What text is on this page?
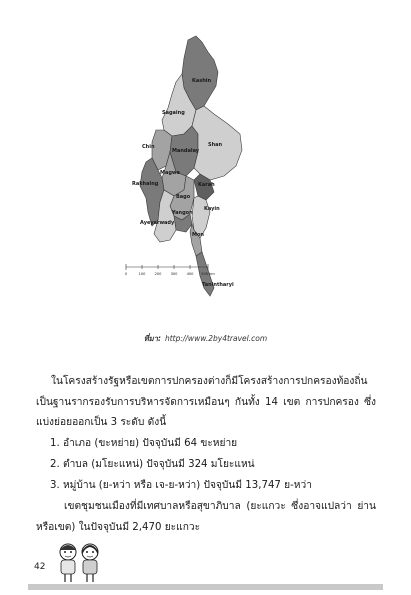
0	100	200	300	400 500 km
Kashin
Sagaing
Chin
Mandalay
Shan
Magwe
Rakhaing
Bago
Karah
Yangon
Kayin
Ayeyarwady
Mon
Tanintharyi
ที่มา: http://www.2by4travel.com
ในโครงสร้างรัฐหรือเขตการปกครองต่างก็มีโครงสร้างการปกครองท้องถิ่นเป็นฐานรากรองรับการบริหารจัดการเหมือนๆ กันทั้ง 14 เขต การปกครอง ซึ่งแบ่งย่อยออกเป็น 3 ระดับ ดังนี้
1. อำเภอ (ขะหย่าย) ปัจจุบันมี 64 ขะหย่าย
2. ตำบล (มโยะแหน่) ปัจจุบันมี 324 มโยะแหน่
3. หมู่บ้าน (ย-หว่า หรือ เจ-ย-หว่า) ปัจจุบันมี 13,747 ย-หว่า
เขตชุมชนเมืองที่มีเทศบาลหรือสุขาภิบาล (ยะแกวะ ซึ่งอาจแปลว่า ย่าน หรือเขต) ในปัจจุบันมี 2,470 ยะแกวะ
42
